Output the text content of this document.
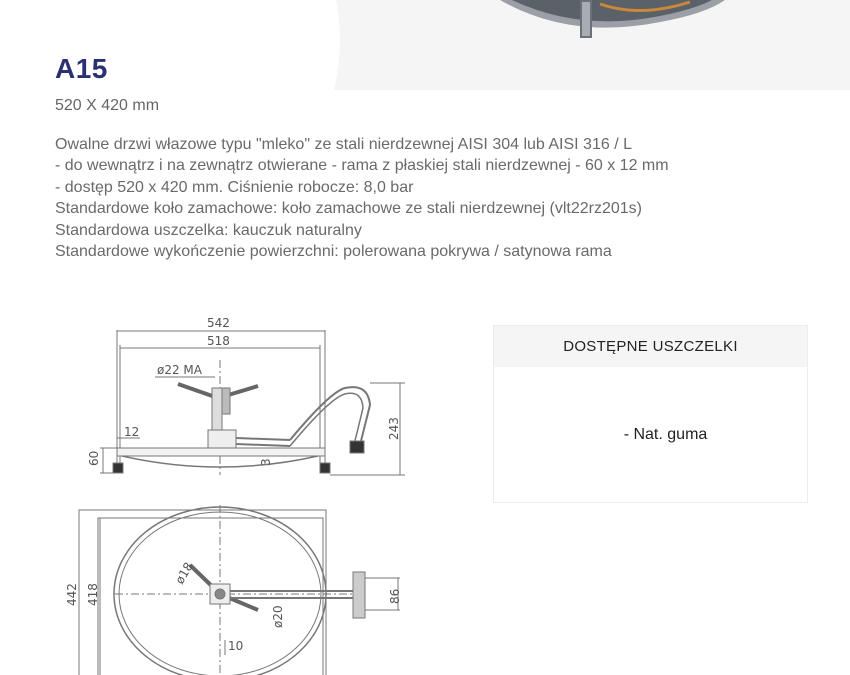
A15
520 X 420 mm
Owalne drzwi włazowe typu "mleko" ze stali nierdzewnej AISI 304 lub AISI 316 / L
- do wewnątrz i na zewnątrz otwierane - rama z płaskiej stali nierdzewnej - 60 x 12 mm
- dostęp 520 x 420 mm. Ciśnienie robocze: 8,0 bar
Standardowe koło zamachowe: koło zamachowe ze stali nierdzewnej (vlt22rz201s)
Standardowa uszczelka: kauczuk naturalny
Standardowe wykończenie powierzchni: polerowana pokrywa / satynowa rama
542
518
ø22 MA
12	243
60	3
442 418
ø18
ø20
10
86
DOSTĘPNE USZCZELKI
- Nat. guma
